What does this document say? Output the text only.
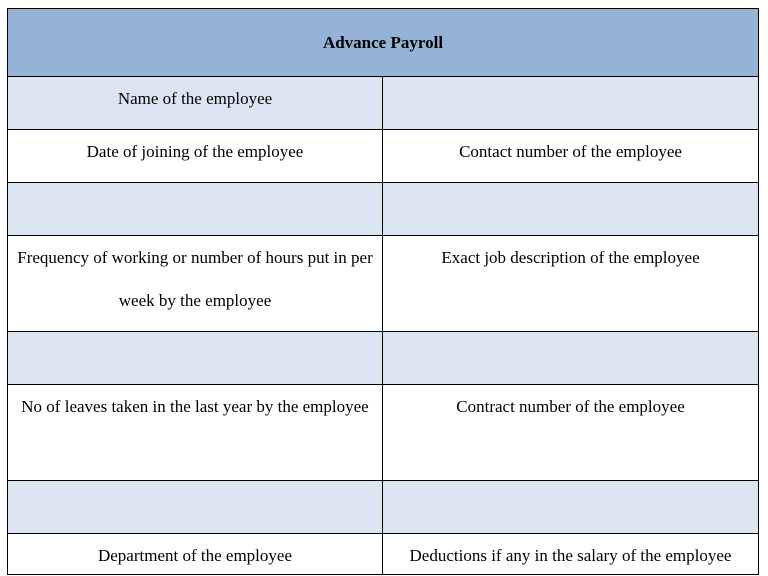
Advance Payroll	

Name of the employee	

Date of joining of the employee	Contact number of the employee

Frequency of working or number of hours put in per week by the employee	Exact job description of the employee

No of leaves taken in the last year by the employee	Contract number of the employee

Department of the employee	Deductions if any in the salary of the employee
